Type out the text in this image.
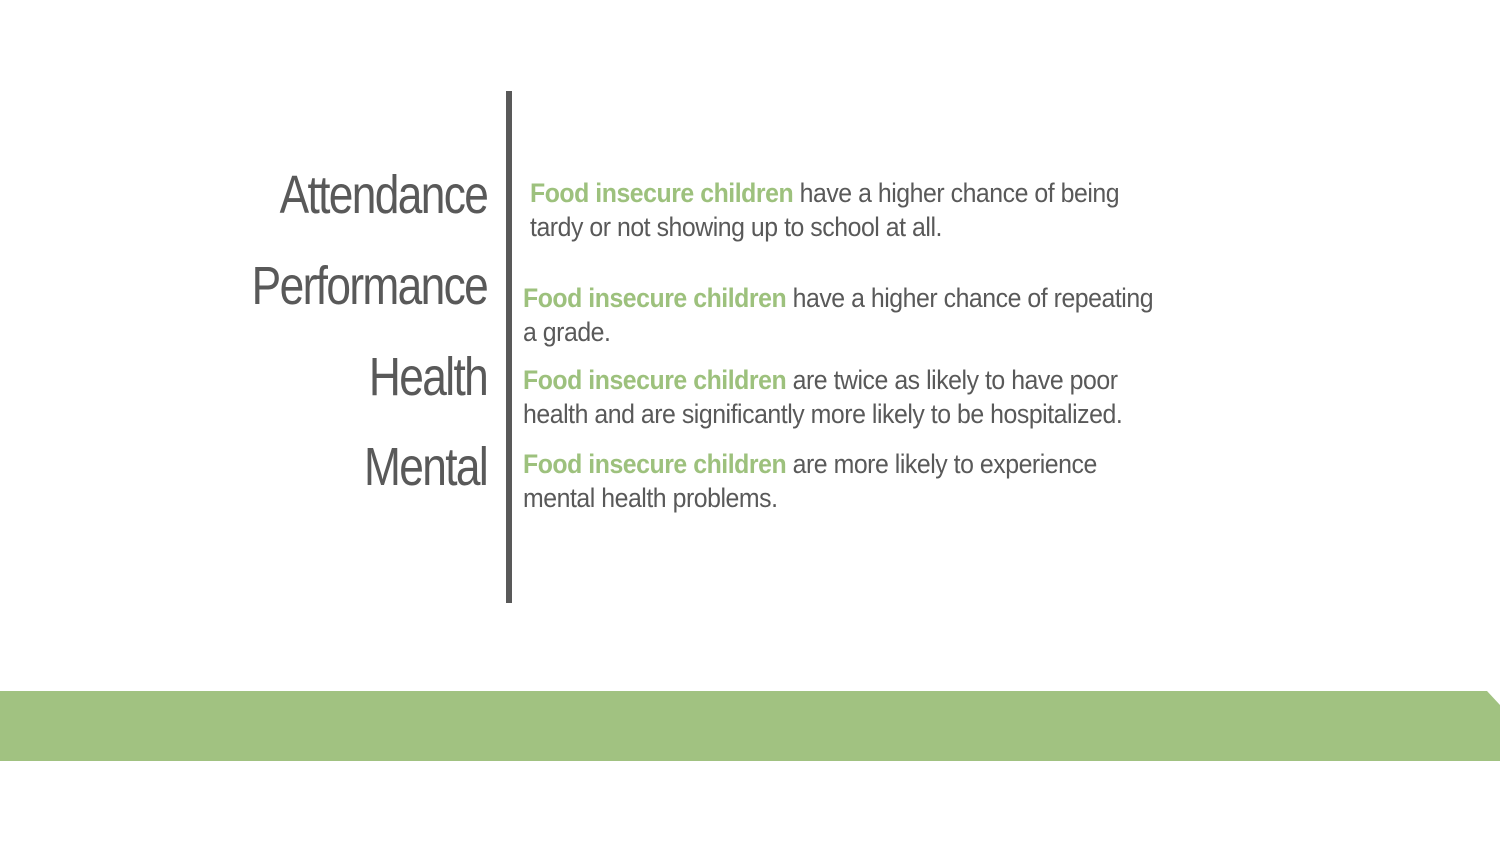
Attendance
Performance
Health
Mental
Food insecure children have a higher chance of being tardy or not showing up to school at all.
Food insecure children have a higher chance of repeating a grade.
Food insecure children are twice as likely to have poor health and are significantly more likely to be hospitalized.
Food insecure children are more likely to experience mental health problems.
